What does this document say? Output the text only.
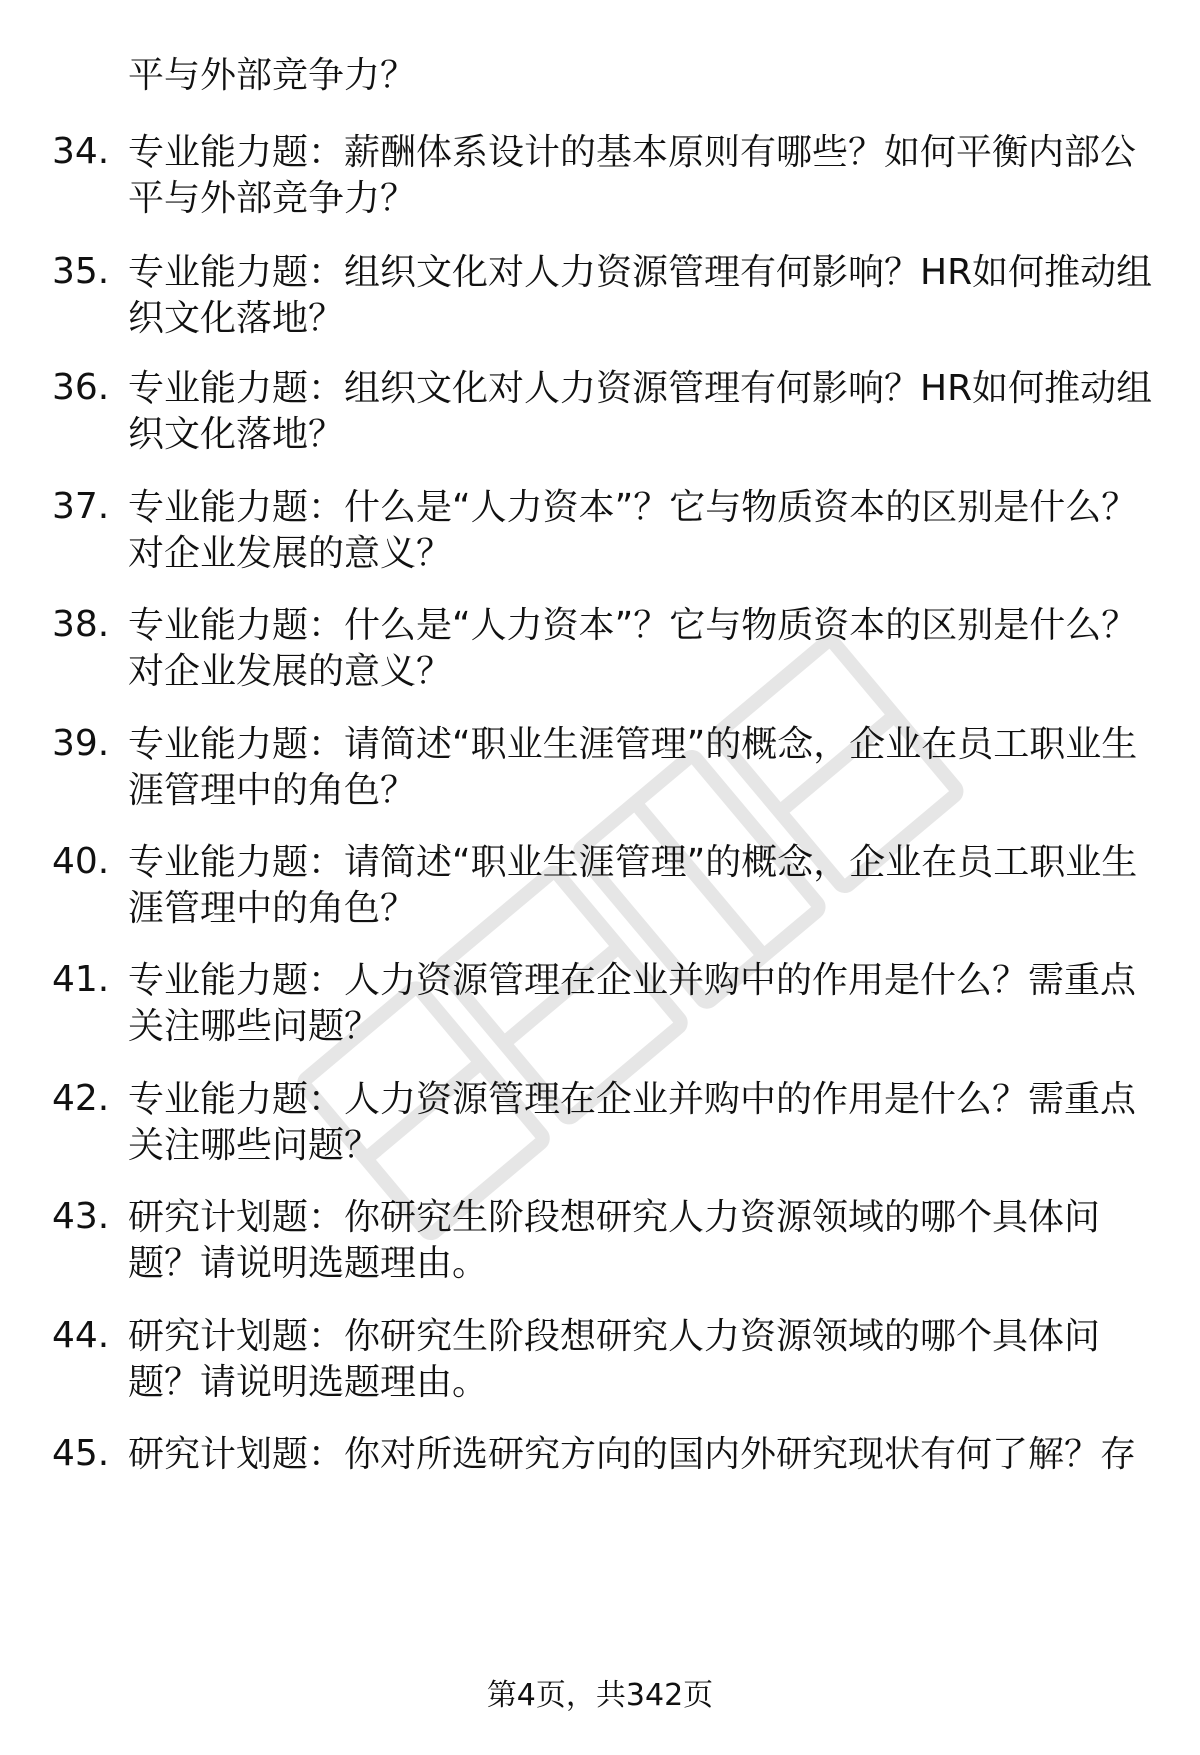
平与外部竞争力？
34. 专业能力题：薪酬体系设计的基本原则有哪些？如何平衡内部公平与外部竞争力？
35. 专业能力题：组织文化对人力资源管理有何影响？HR如何推动组织文化落地？
36. 专业能力题：组织文化对人力资源管理有何影响？HR如何推动组织文化落地？
37. 专业能力题：什么是“人力资本”？它与物质资本的区别是什么？对企业发展的意义？
38. 专业能力题：什么是“人力资本”？它与物质资本的区别是什么？对企业发展的意义？
39. 专业能力题：请简述“职业生涯管理”的概念，企业在员工职业生涯管理中的角色？
40. 专业能力题：请简述“职业生涯管理”的概念，企业在员工职业生涯管理中的角色？
41. 专业能力题：人力资源管理在企业并购中的作用是什么？需重点关注哪些问题？
42. 专业能力题：人力资源管理在企业并购中的作用是什么？需重点关注哪些问题？
43. 研究计划题：你研究生阶段想研究人力资源领域的哪个具体问题？请说明选题理由。
44. 研究计划题：你研究生阶段想研究人力资源领域的哪个具体问题？请说明选题理由。
45. 研究计划题：你对所选研究方向的国内外研究现状有何了解？存
第4页，共342页
